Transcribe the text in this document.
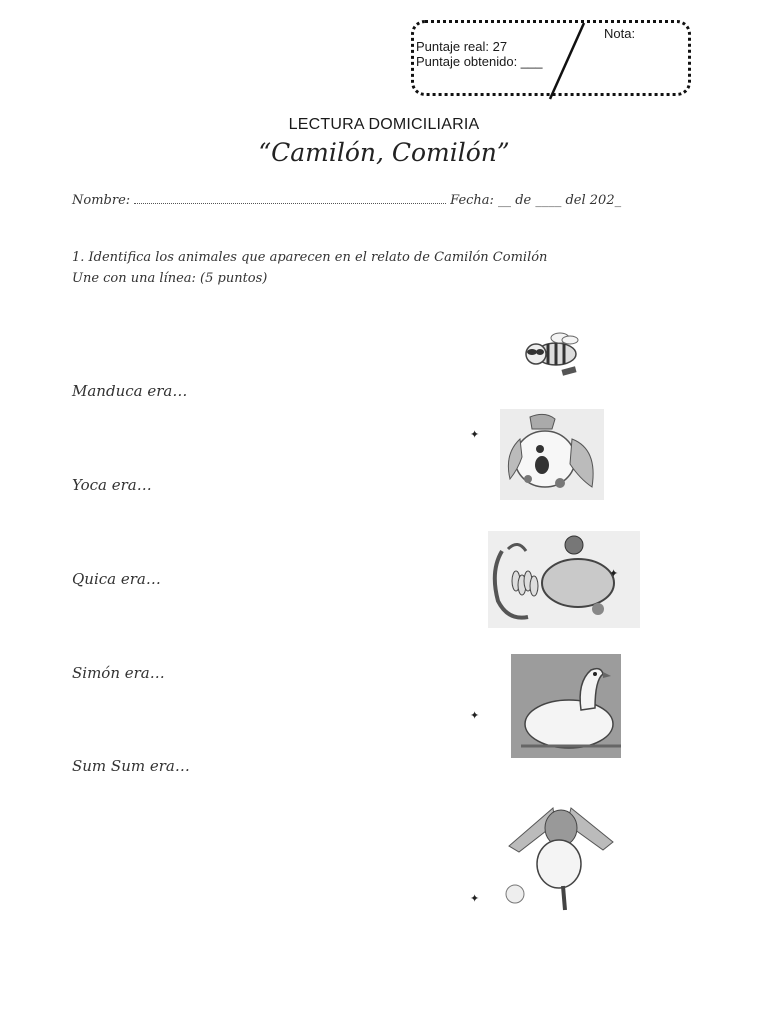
Nota:
Puntaje real: 27
Puntaje obtenido: ___
LECTURA DOMICILIARIA
“Camilón, Comilón”
Nombre:	Fecha: __ de ____ del 202_
1. Identifica los animales que aparecen en el relato de Camilón Comilón
Une con una línea: (5 puntos)
Manduca era…
Yoca era…
Quica era…
Simón era…
Sum Sum era…
✦
✦
✦
✦
